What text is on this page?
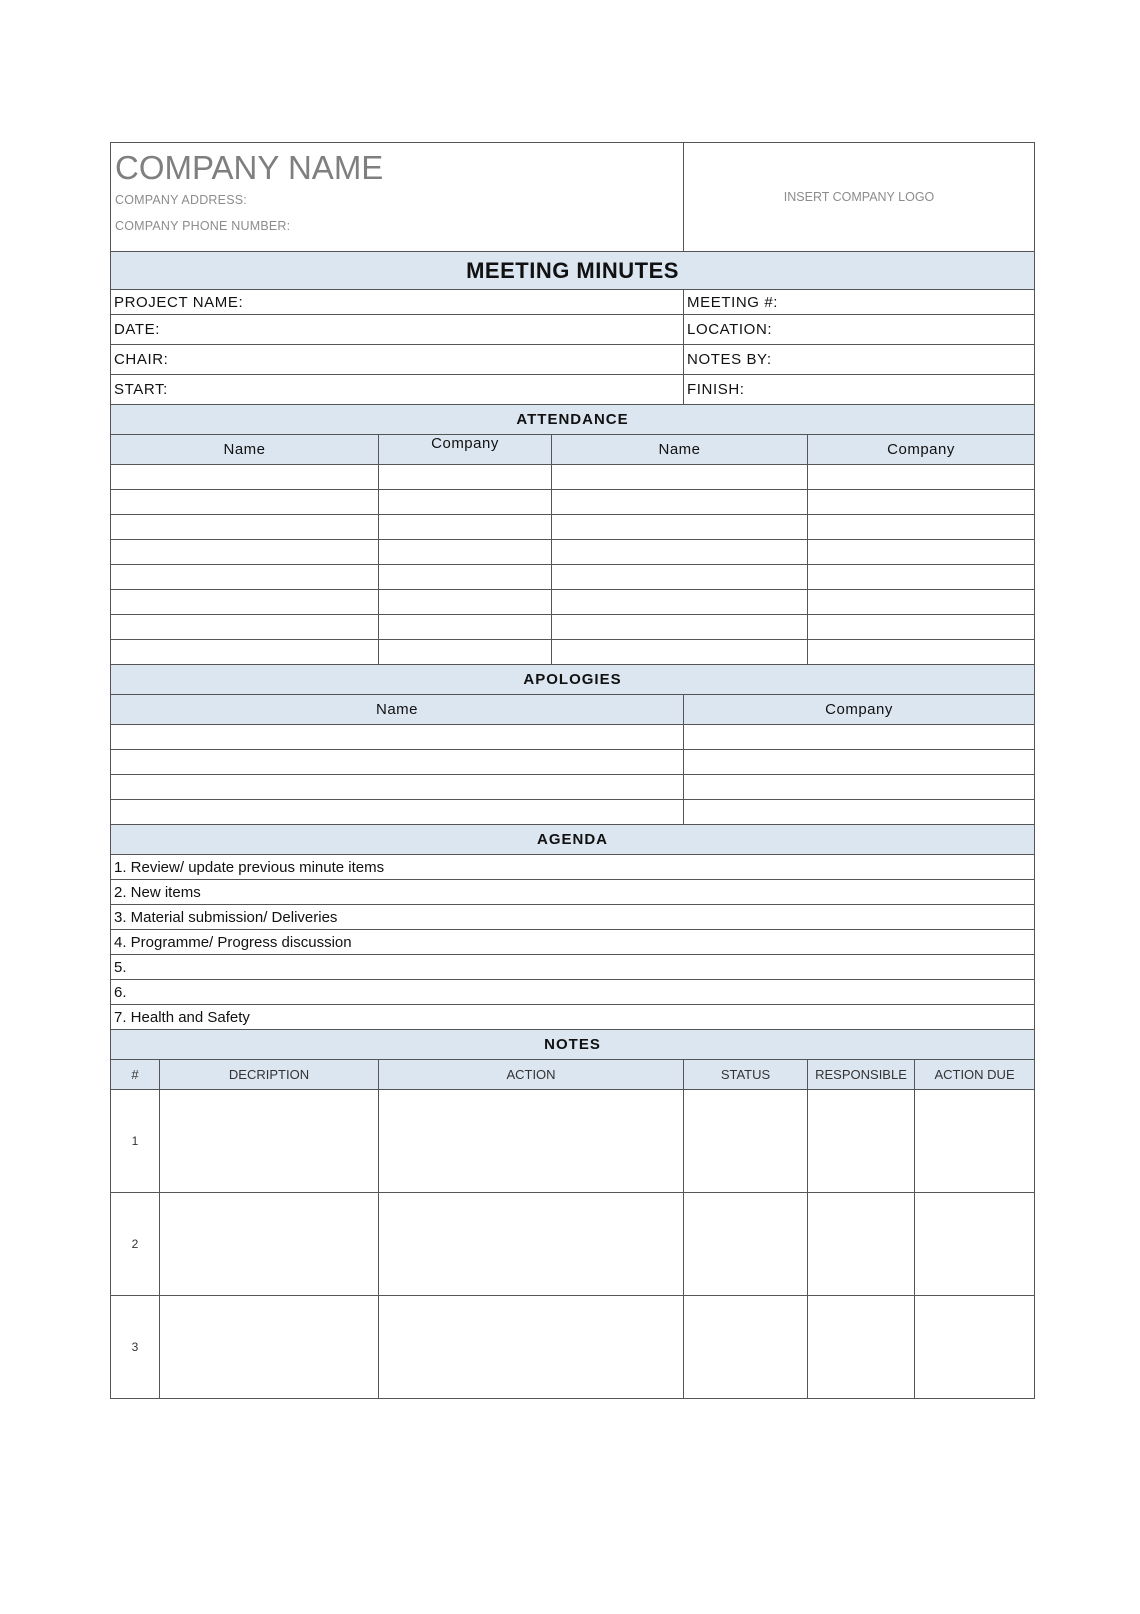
COMPANY NAME
COMPANY ADDRESS:
COMPANY PHONE NUMBER:				INSERT COMPANY LOGO		
MEETING MINUTES						
PROJECT NAME:				MEETING #:		
DATE:				LOCATION:		
CHAIR:				NOTES BY:		
START:				FINISH:		
ATTENDANCE						
Name		Company	Name		Company	

APOLOGIES						
Name				Company		

AGENDA						
1. Review/ update previous minute items						
2. New items						
3. Material submission/ Deliveries						
4. Programme/ Progress discussion						
5.						
6.						
7. Health and Safety						
NOTES						
#	DECRIPTION	ACTION		STATUS	RESPONSIBLE	ACTION DUE
1						
2						
3						
